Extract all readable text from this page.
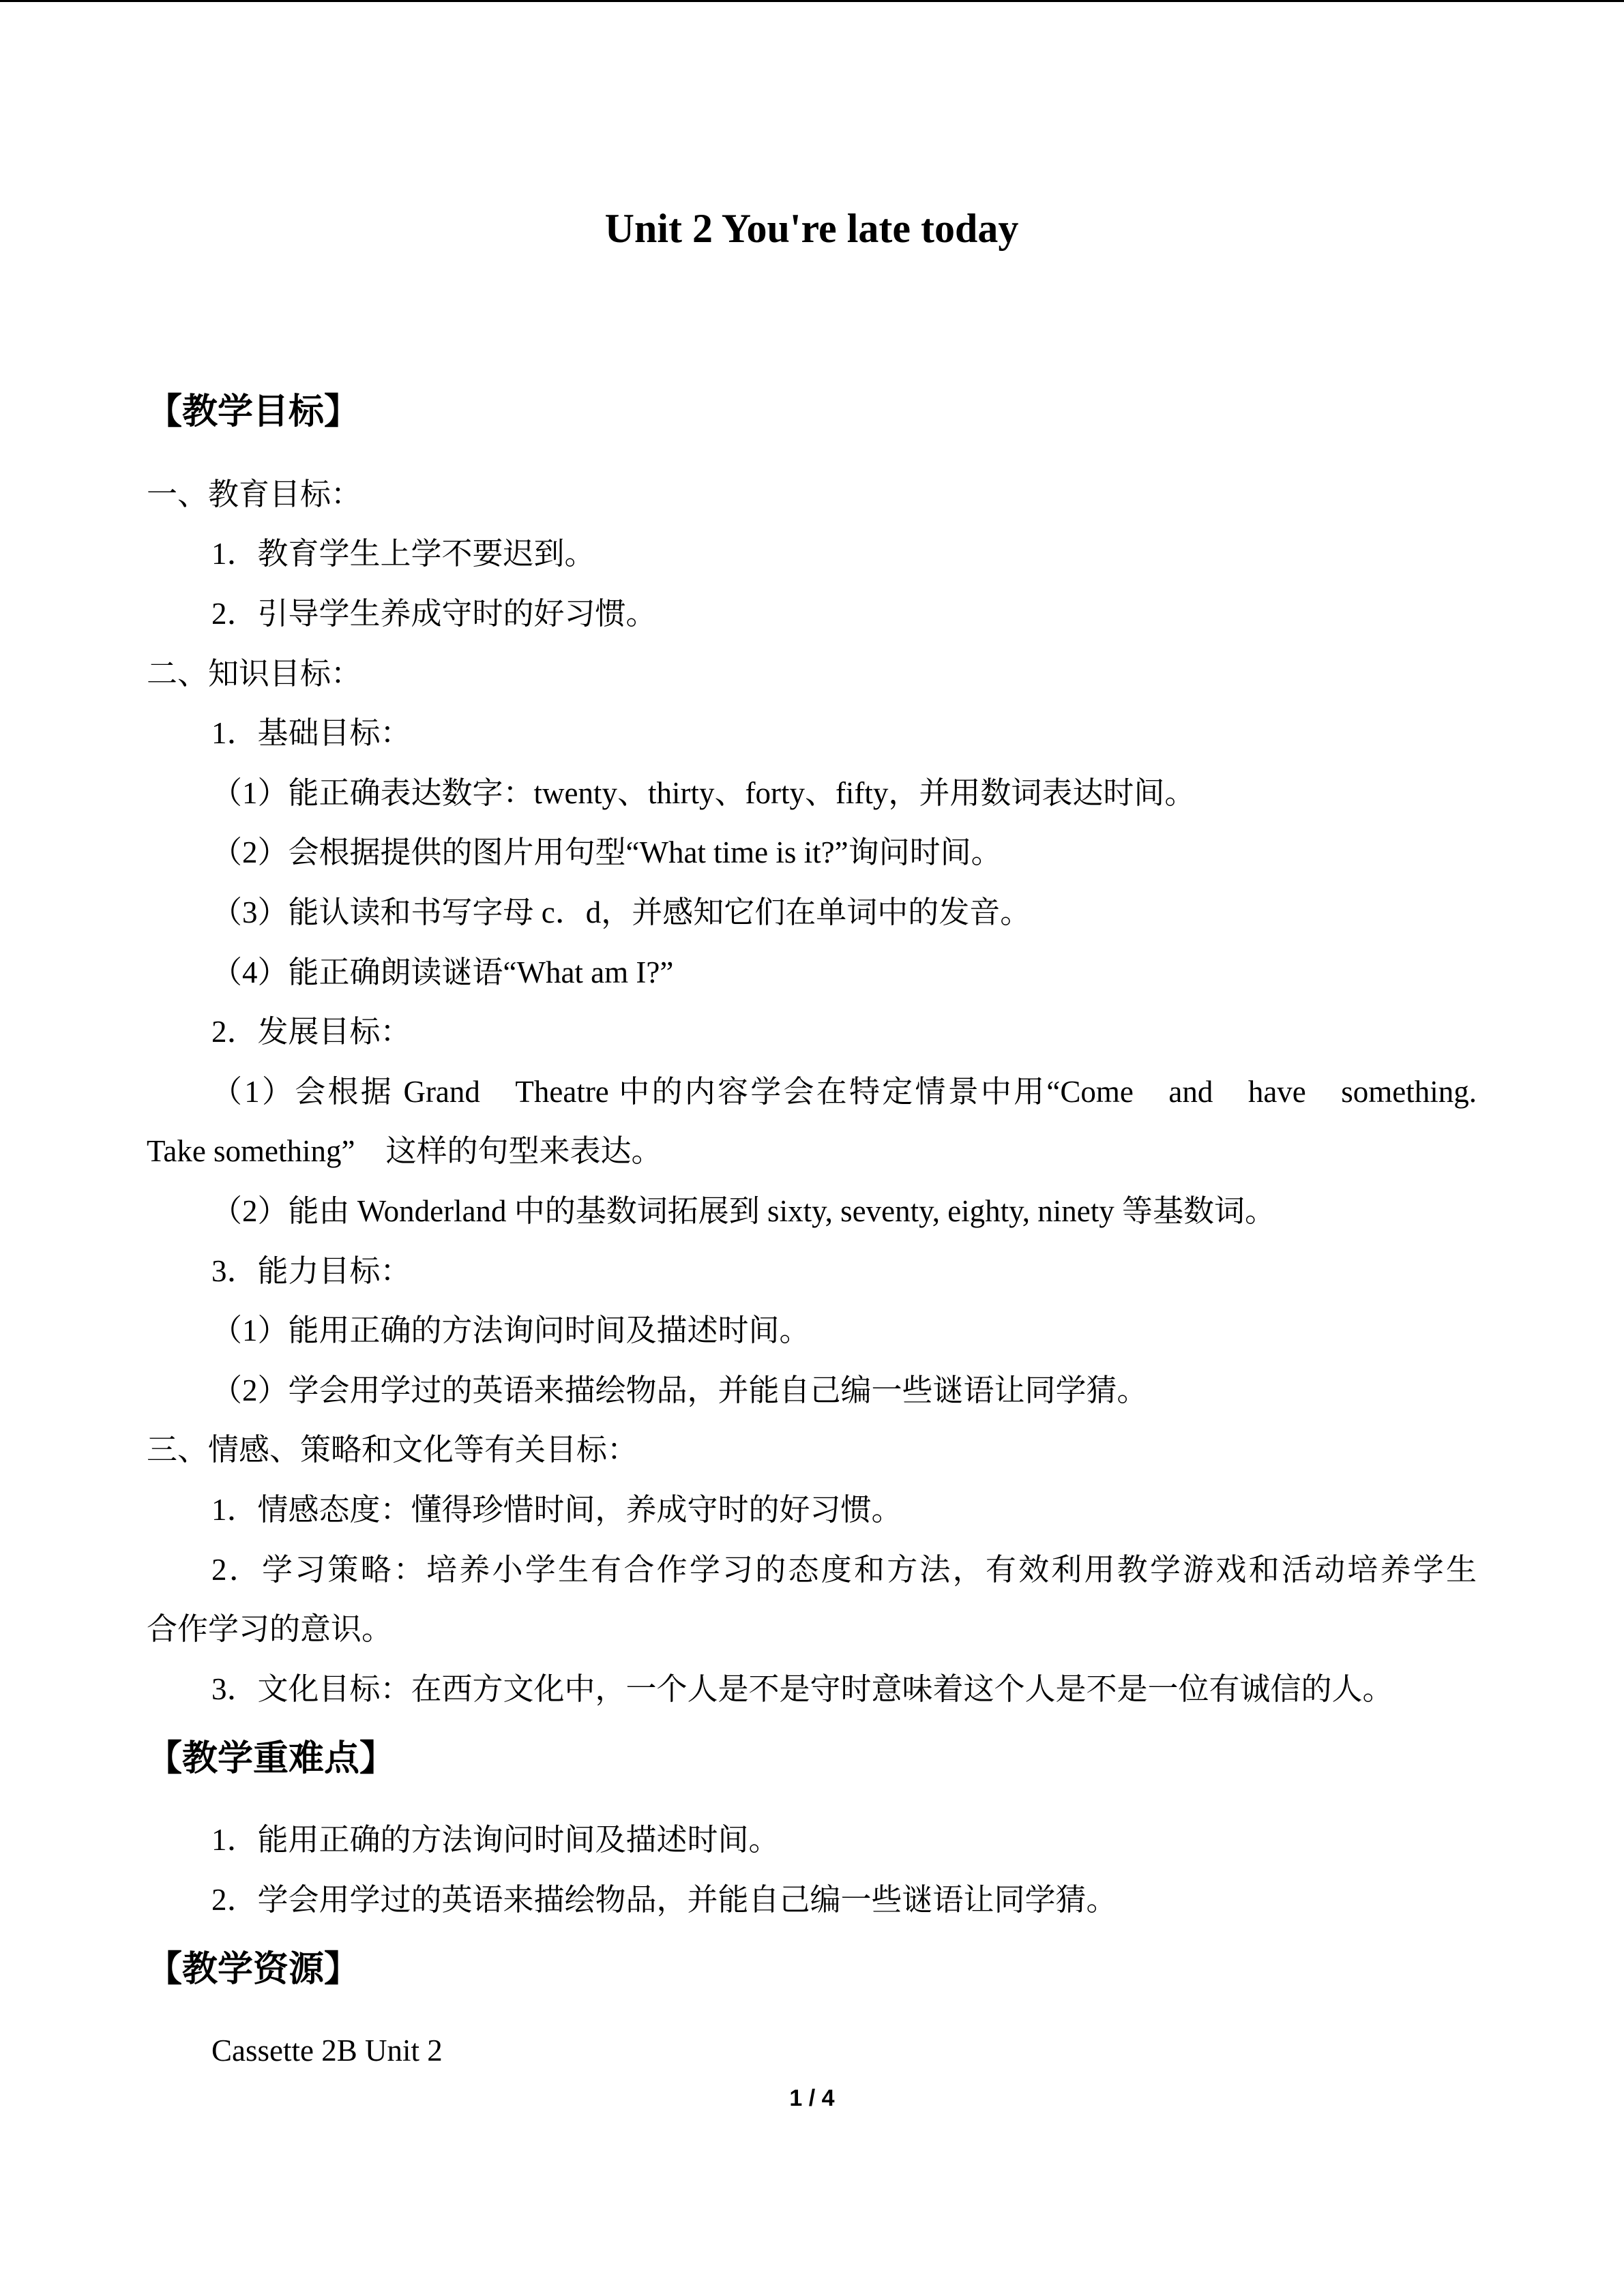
Unit 2 You're late today
【教学目标】
一、教育目标：
1．教育学生上学不要迟到。
2．引导学生养成守时的好习惯。
二、知识目标：
1．基础目标：
（1）能正确表达数字：twenty、thirty、forty、fifty，并用数词表达时间。
（2）会根据提供的图片用句型“What time is it?”询问时间。
（3）能认读和书写字母 c．d，并感知它们在单词中的发音。
（4）能正确朗读谜语“What am I?”
2．发展目标：
（1）会根据 Grand　Theatre 中的内容学会在特定情景中用“Come　and　have　something.
Take something”　这样的句型来表达。
（2）能由 Wonderland 中的基数词拓展到 sixty, seventy, eighty, ninety 等基数词。
3．能力目标：
（1）能用正确的方法询问时间及描述时间。
（2）学会用学过的英语来描绘物品，并能自己编一些谜语让同学猜。
三、情感、策略和文化等有关目标：
1．情感态度：懂得珍惜时间，养成守时的好习惯。
2．学习策略：培养小学生有合作学习的态度和方法，有效利用教学游戏和活动培养学生
合作学习的意识。
3．文化目标：在西方文化中，一个人是不是守时意味着这个人是不是一位有诚信的人。
【教学重难点】
1．能用正确的方法询问时间及描述时间。
2．学会用学过的英语来描绘物品，并能自己编一些谜语让同学猜。
【教学资源】
Cassette 2B Unit 2
1 / 4
